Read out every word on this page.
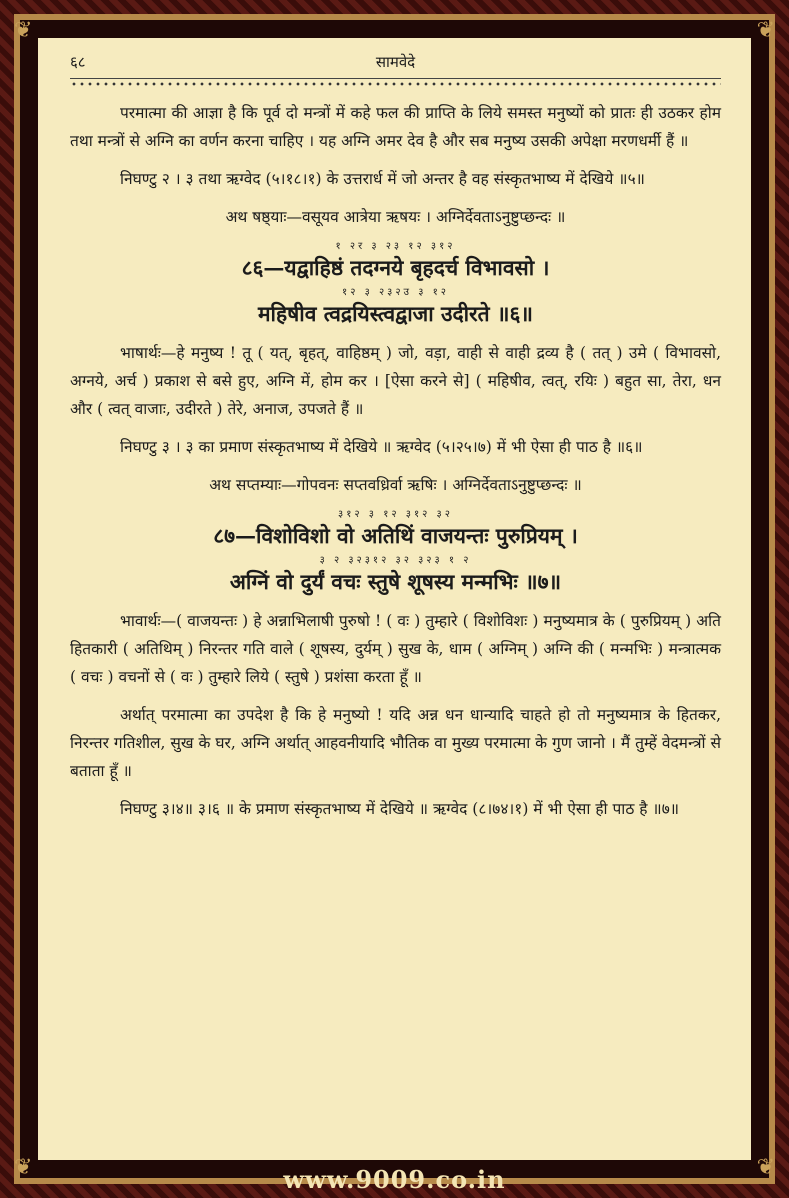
❦	❦
❦	❦
६८	सामवेदे

परमात्मा की आज्ञा है कि पूर्व दो मन्त्रों में कहे फल की प्राप्ति के लिये समस्त मनुष्यों को प्रातः ही उठकर होम तथा मन्त्रों से अग्नि का वर्णन करना चाहिए । यह अग्नि अमर देव है और सब मनुष्य उसकी अपेक्षा मरणधर्मी हैं ॥

निघण्टु २ । ३ तथा ऋग्वेद (५।१८।१) के उत्तरार्ध में जो अन्तर है वह संस्कृतभाष्य में देखिये ॥५॥

अथ षष्ठ्याः—वसूयव आत्रेया ऋषयः । अग्निर्देवताऽनुष्टुप्छन्दः ॥

१ २र ३ २३ १२ ३१२
८६—यद्वाहिष्ठं तदग्नये बृहदर्च विभावसो ।
१२ ३ २३२उ ३ १२
महिषीव त्वद्रयिस्त्वद्वाजा उदीरते ॥६॥

भाषार्थः—हे मनुष्य ! तू ( यत्, बृहत्, वाहिष्ठम् ) जो, वड़ा, वाही से वाही द्रव्य है ( तत् ) उमे ( विभावसो, अग्नये, अर्च ) प्रकाश से बसे हुए, अग्नि में, होम कर । [ऐसा करने से] ( महिषीव, त्वत्, रयिः ) बहुत सा, तेरा, धन और ( त्वत् वाजाः, उदीरते ) तेरे, अनाज, उपजते हैं ॥

निघण्टु ३ । ३ का प्रमाण संस्कृतभाष्य में देखिये ॥ ऋग्वेद (५।२५।७) में भी ऐसा ही पाठ है ॥६॥

अथ सप्तम्याः—गोपवनः सप्तवध्रिर्वा ऋषिः । अग्निर्देवताऽनुष्टुप्छन्दः ॥

३१२ ३ १२ ३१२ ३२
८७—विशोविशो वो अतिथिं वाजयन्तः पुरुप्रियम् ।
३ २ ३२३१२ ३२ ३२३ १ २
अग्निं वो दुर्यं वचः स्तुषे शूषस्य मन्मभिः ॥७॥

भावार्थः—( वाजयन्तः ) हे अन्नाभिलाषी पुरुषो ! ( वः ) तुम्हारे ( विशोविशः ) मनुष्यमात्र के ( पुरुप्रियम् ) अति हितकारी ( अतिथिम् ) निरन्तर गति वाले ( शूषस्य, दुर्यम् ) सुख के, धाम ( अग्निम् ) अग्नि की ( मन्मभिः ) मन्त्रात्मक ( वचः ) वचनों से ( वः ) तुम्हारे लिये ( स्तुषे ) प्रशंसा करता हूँ ॥

अर्थात् परमात्मा का उपदेश है कि हे मनुष्यो ! यदि अन्न धन धान्यादि चाहते हो तो मनुष्यमात्र के हितकर, निरन्तर गतिशील, सुख के घर, अग्नि अर्थात् आहवनीयादि भौतिक वा मुख्य परमात्मा के गुण जानो । मैं तुम्हें वेदमन्त्रों से बताता हूँ ॥

निघण्टु ३।४॥ ३।६ ॥ के प्रमाण संस्कृतभाष्य में देखिये ॥ ऋग्वेद (८।७४।१) में भी ऐसा ही पाठ है ॥७॥

www.9009.co.in
